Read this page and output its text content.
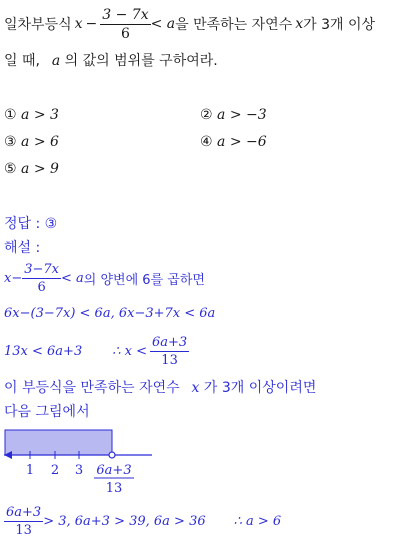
일차부등식 $x - \frac{3 - 7x}{6} < a$ 을 만족하는 자연수 x 가 3개 이상
일 때, a 의 값의 범위를 구하여라.
① a > 3	② a > −3
③ a > 6	④ a > −6
⑤ a > 9
정답 : ③
해설 :
$x- \frac{3-7x}{6} < a$ 의 양변에 6를 곱하면
6x−(3−7x) < 6a, 6x−3+7x < 6a
13x < 6a+3 ∴ $x < \frac{6a+3}{13}$
이 부등식을 만족하는 자연수 x 가 3개 이상이려면
다음 그림에서
1 2 3 6a+3
13
$\frac{6a+3}{13} > 3$, 6a+3 > 39, 6a > 36 ∴ a > 6
